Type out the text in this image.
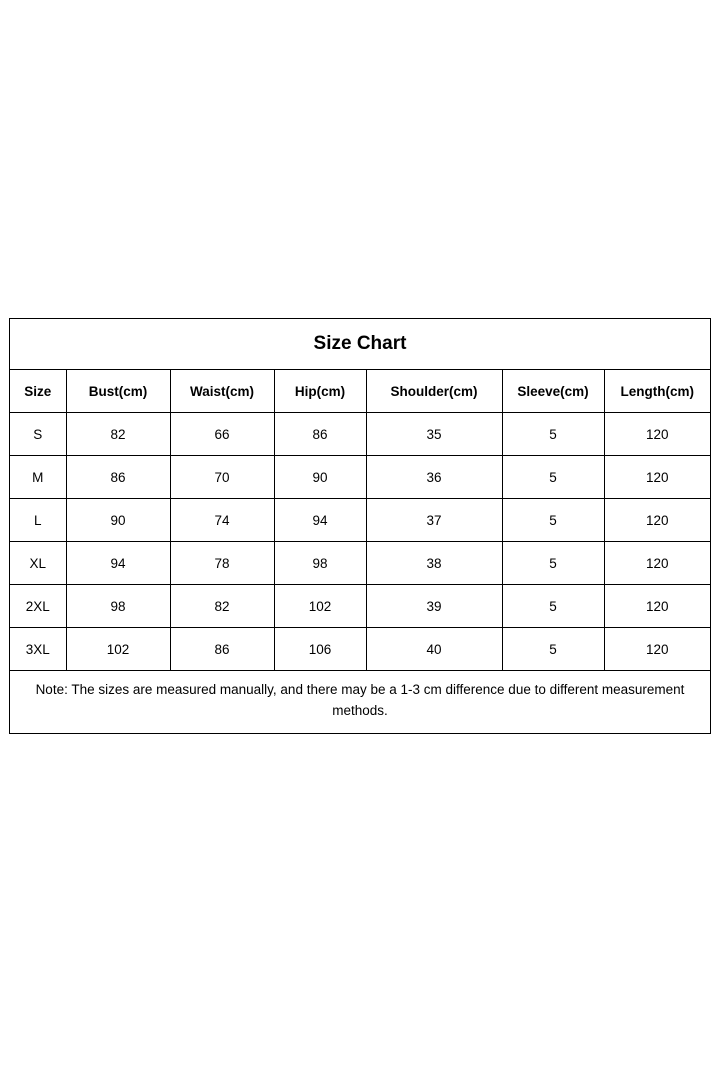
Size Chart
Size	Bust(cm)	Waist(cm)	Hip(cm)	Shoulder(cm)	Sleeve(cm)	Length(cm)
S	82	66	86	35	5	120
M	86	70	90	36	5	120
L	90	74	94	37	5	120
XL	94	78	98	38	5	120
2XL	98	82	102	39	5	120
3XL	102	86	106	40	5	120
Note: The sizes are measured manually, and there may be a 1-3 cm difference due to different measurement methods.
